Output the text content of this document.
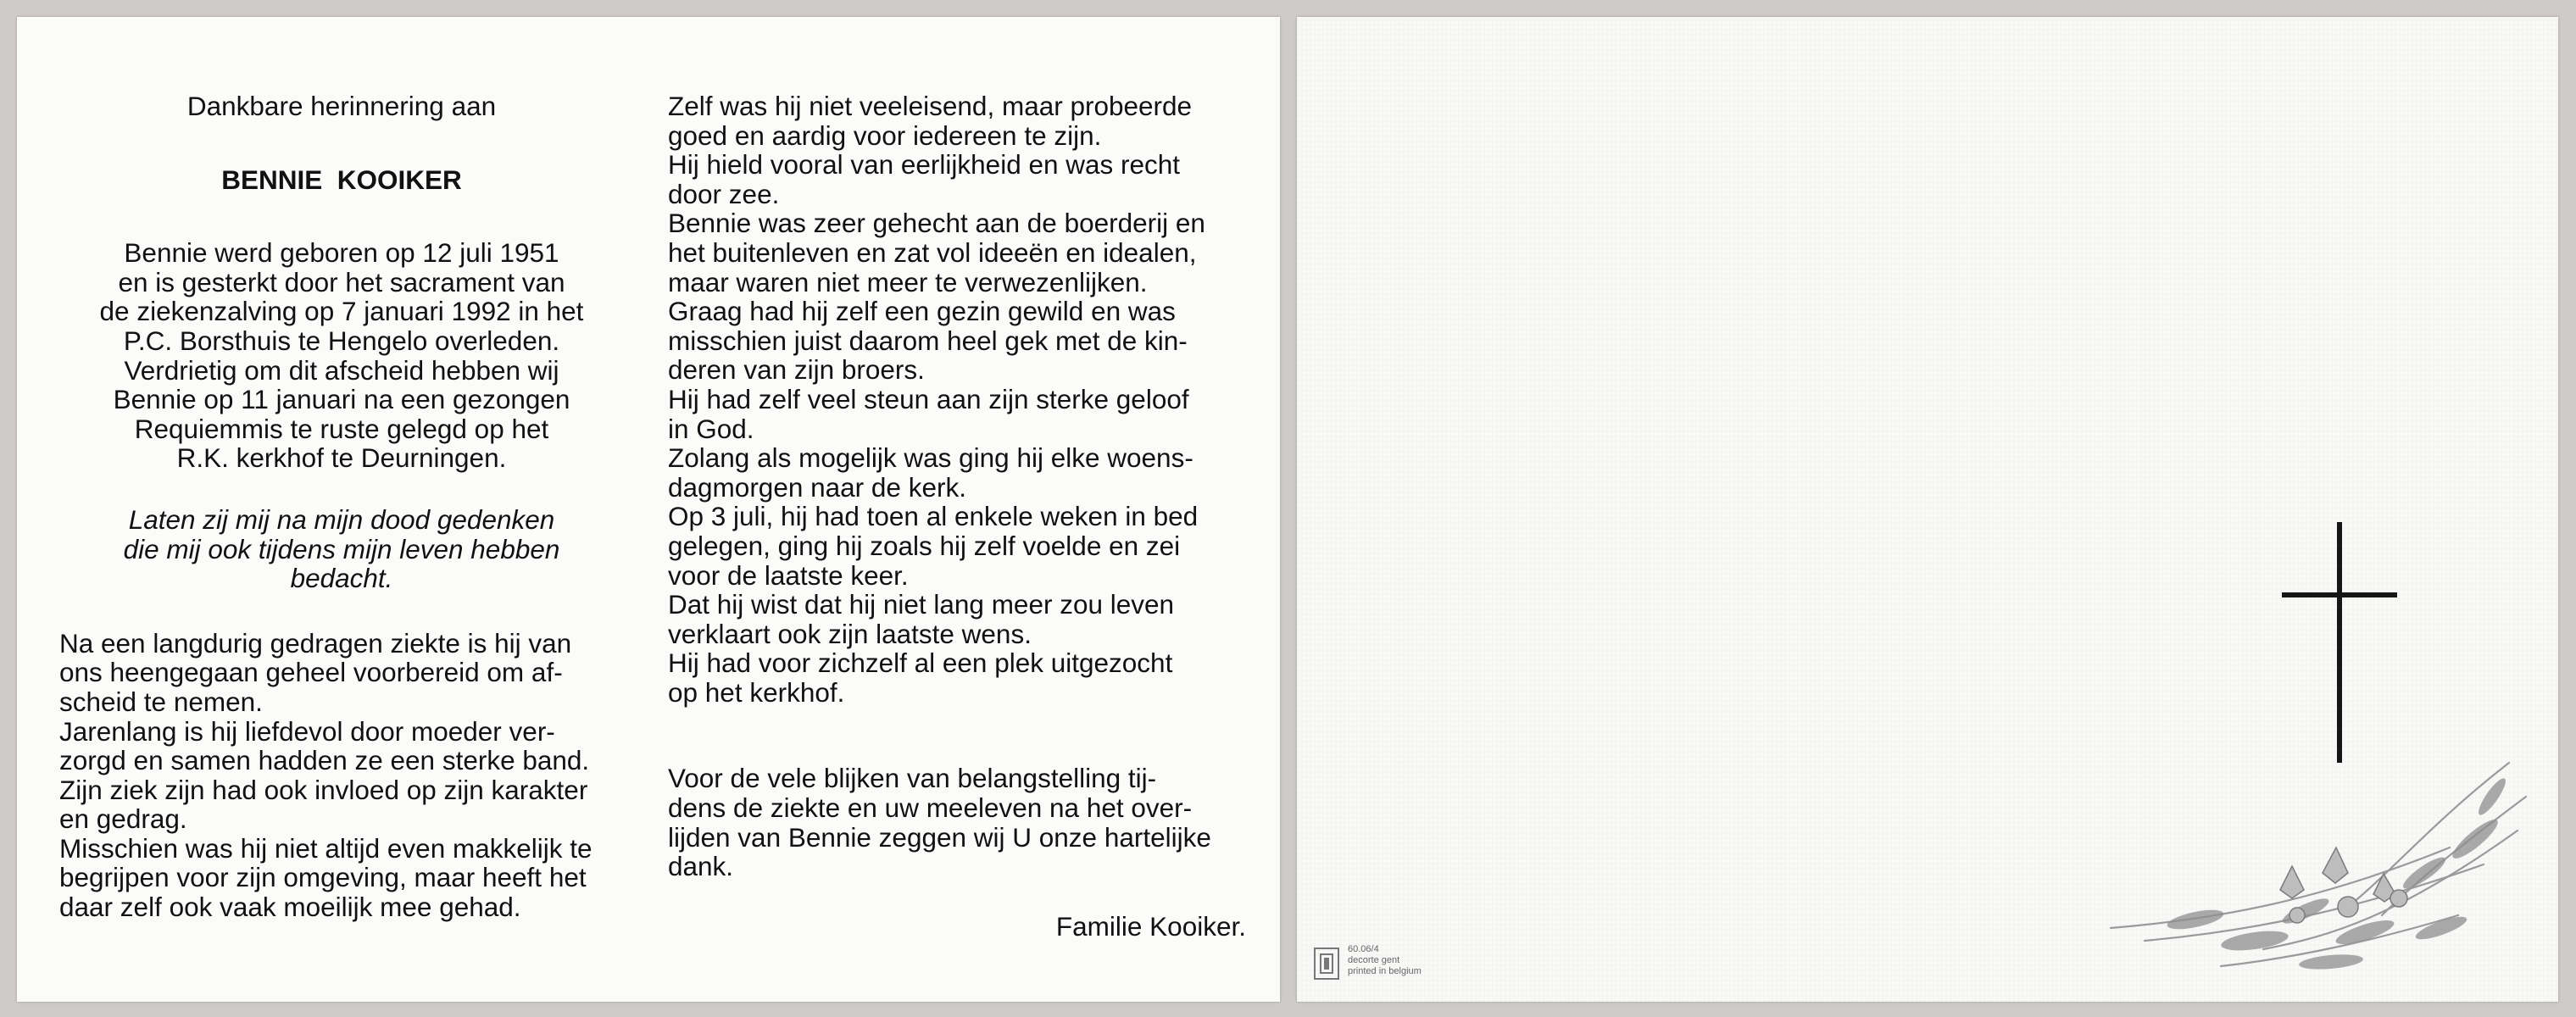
Dankbare herinnering aan

BENNIE  KOOIKER

Bennie werd geboren op 12 juli 1951
en is gesterkt door het sacrament van
de ziekenzalving op 7 januari 1992 in het
P.C. Borsthuis te Hengelo overleden.
Verdrietig om dit afscheid hebben wij
Bennie op 11 januari na een gezongen
Requiemmis te ruste gelegd op het
R.K. kerkhof te Deurningen.

Laten zij mij na mijn dood gedenken
die mij ook tijdens mijn leven hebben
bedacht.

Na een langdurig gedragen ziekte is hij van
ons heengegaan geheel voorbereid om af-
scheid te nemen.
Jarenlang is hij liefdevol door moeder ver-
zorgd en samen hadden ze een sterke band.
Zijn ziek zijn had ook invloed op zijn karakter
en gedrag.
Misschien was hij niet altijd even makkelijk te
begrijpen voor zijn omgeving, maar heeft het
daar zelf ook vaak moeilijk mee gehad.

Zelf was hij niet veeleisend, maar probeerde
goed en aardig voor iedereen te zijn.
Hij hield vooral van eerlijkheid en was recht
door zee.
Bennie was zeer gehecht aan de boerderij en
het buitenleven en zat vol ideeën en idealen,
maar waren niet meer te verwezenlijken.
Graag had hij zelf een gezin gewild en was
misschien juist daarom heel gek met de kin-
deren van zijn broers.
Hij had zelf veel steun aan zijn sterke geloof
in God.
Zolang als mogelijk was ging hij elke woens-
dagmorgen naar de kerk.
Op 3 juli, hij had toen al enkele weken in bed
gelegen, ging hij zoals hij zelf voelde en zei
voor de laatste keer.
Dat hij wist dat hij niet lang meer zou leven
verklaart ook zijn laatste wens.
Hij had voor zichzelf al een plek uitgezocht
op het kerkhof.
Voor de vele blijken van belangstelling tij-
dens de ziekte en uw meeleven na het over-
lijden van Bennie zeggen wij U onze hartelijke
dank.
Familie Kooiker.
60.06/4
decorte gent
printed in belgium
